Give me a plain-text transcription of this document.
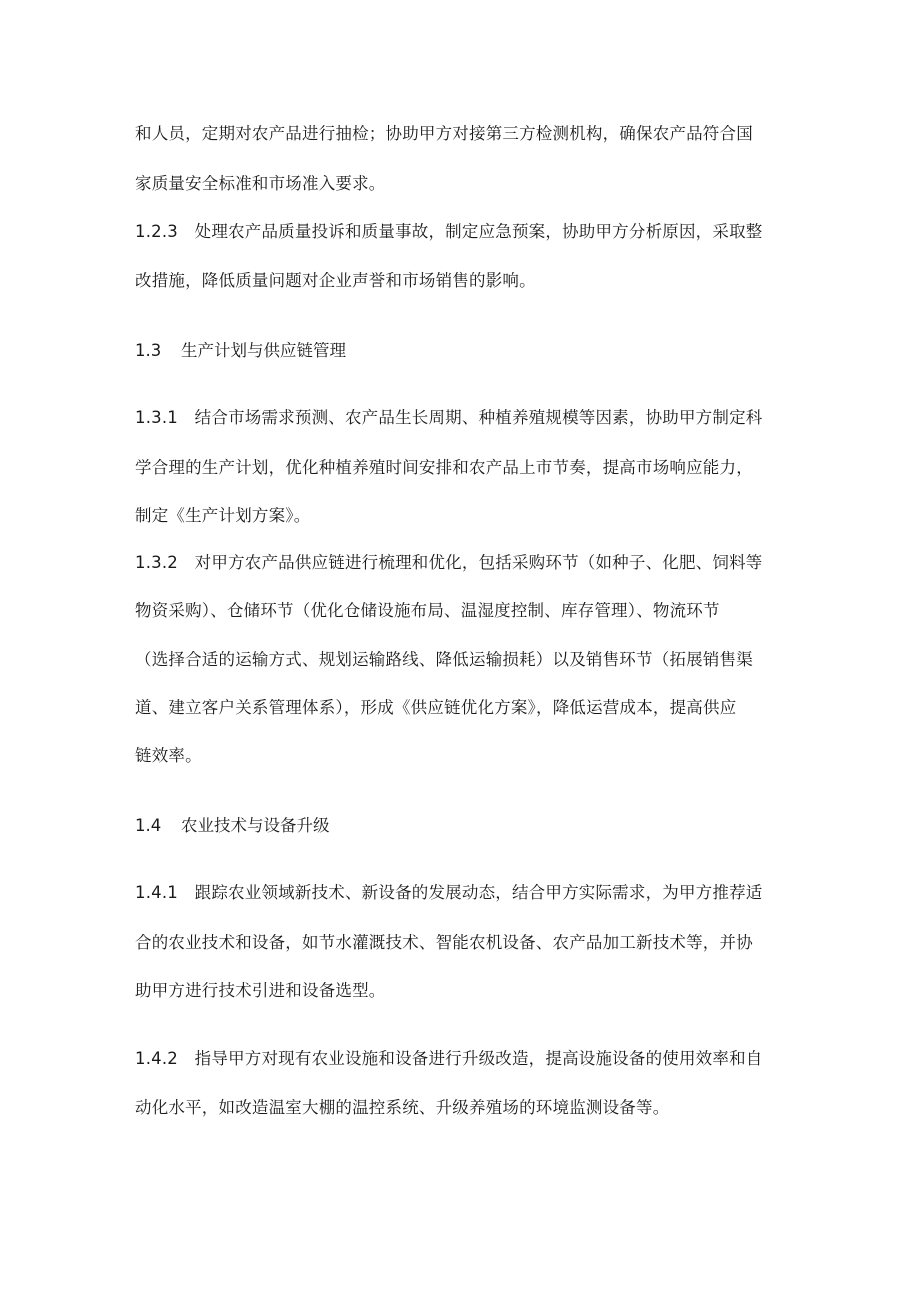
和人员，定期对农产品进行抽检；协助甲方对接第三方检测机构，确保农产品符合国
家质量安全标准和市场准入要求。
1.2.3　处理农产品质量投诉和质量事故，制定应急预案，协助甲方分析原因，采取整
改措施，降低质量问题对企业声誉和市场销售的影响。
1.3 生产计划与供应链管理
1.3.1　结合市场需求预测、农产品生长周期、种植养殖规模等因素，协助甲方制定科
学合理的生产计划，优化种植养殖时间安排和农产品上市节奏，提高市场响应能力，
制定《生产计划方案》。
1.3.2　对甲方农产品供应链进行梳理和优化，包括采购环节（如种子、化肥、饲料等
物资采购）、仓储环节（优化仓储设施布局、温湿度控制、库存管理）、物流环节
（选择合适的运输方式、规划运输路线、降低运输损耗）以及销售环节（拓展销售渠
道、建立客户关系管理体系），形成《供应链优化方案》，降低运营成本，提高供应
链效率。
1.4 农业技术与设备升级
1.4.1　跟踪农业领域新技术、新设备的发展动态，结合甲方实际需求，为甲方推荐适
合的农业技术和设备，如节水灌溉技术、智能农机设备、农产品加工新技术等，并协
助甲方进行技术引进和设备选型。
1.4.2　指导甲方对现有农业设施和设备进行升级改造，提高设施设备的使用效率和自
动化水平，如改造温室大棚的温控系统、升级养殖场的环境监测设备等。
